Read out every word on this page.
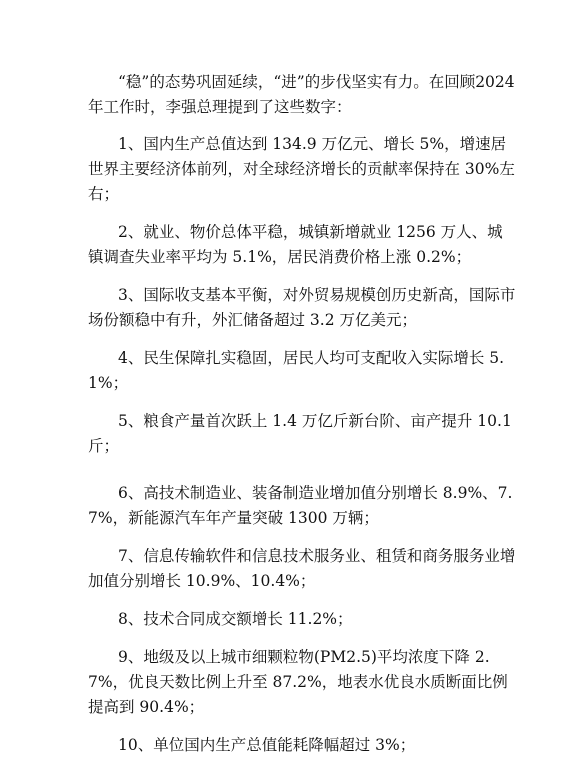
“稳”的态势巩固延续，“进”的步伐坚实有力。在回顾2024 年工作时，李强总理提到了这些数字：

1、国内生产总值达到 134.9 万亿元、增长 5%，增速居世界主要经济体前列，对全球经济增长的贡献率保持在 30%左右；

2、就业、物价总体平稳，城镇新增就业 1256 万人、城镇调查失业率平均为 5.1%，居民消费价格上涨 0.2%；

3、国际收支基本平衡，对外贸易规模创历史新高，国际市场份额稳中有升，外汇储备超过 3.2 万亿美元；

4、民生保障扎实稳固，居民人均可支配收入实际增长 5.1%；

5、粮食产量首次跃上 1.4 万亿斤新台阶、亩产提升 10.1 斤；

6、高技术制造业、装备制造业增加值分别增长 8.9%、7.7%，新能源汽车年产量突破 1300 万辆；

7、信息传输软件和信息技术服务业、租赁和商务服务业增加值分别增长 10.9%、10.4%；

8、技术合同成交额增长 11.2%；

9、地级及以上城市细颗粒物(PM2.5)平均浓度下降 2.7%，优良天数比例上升至 87.2%，地表水优良水质断面比例提高到 90.4%；

10、单位国内生产总值能耗降幅超过 3%；
